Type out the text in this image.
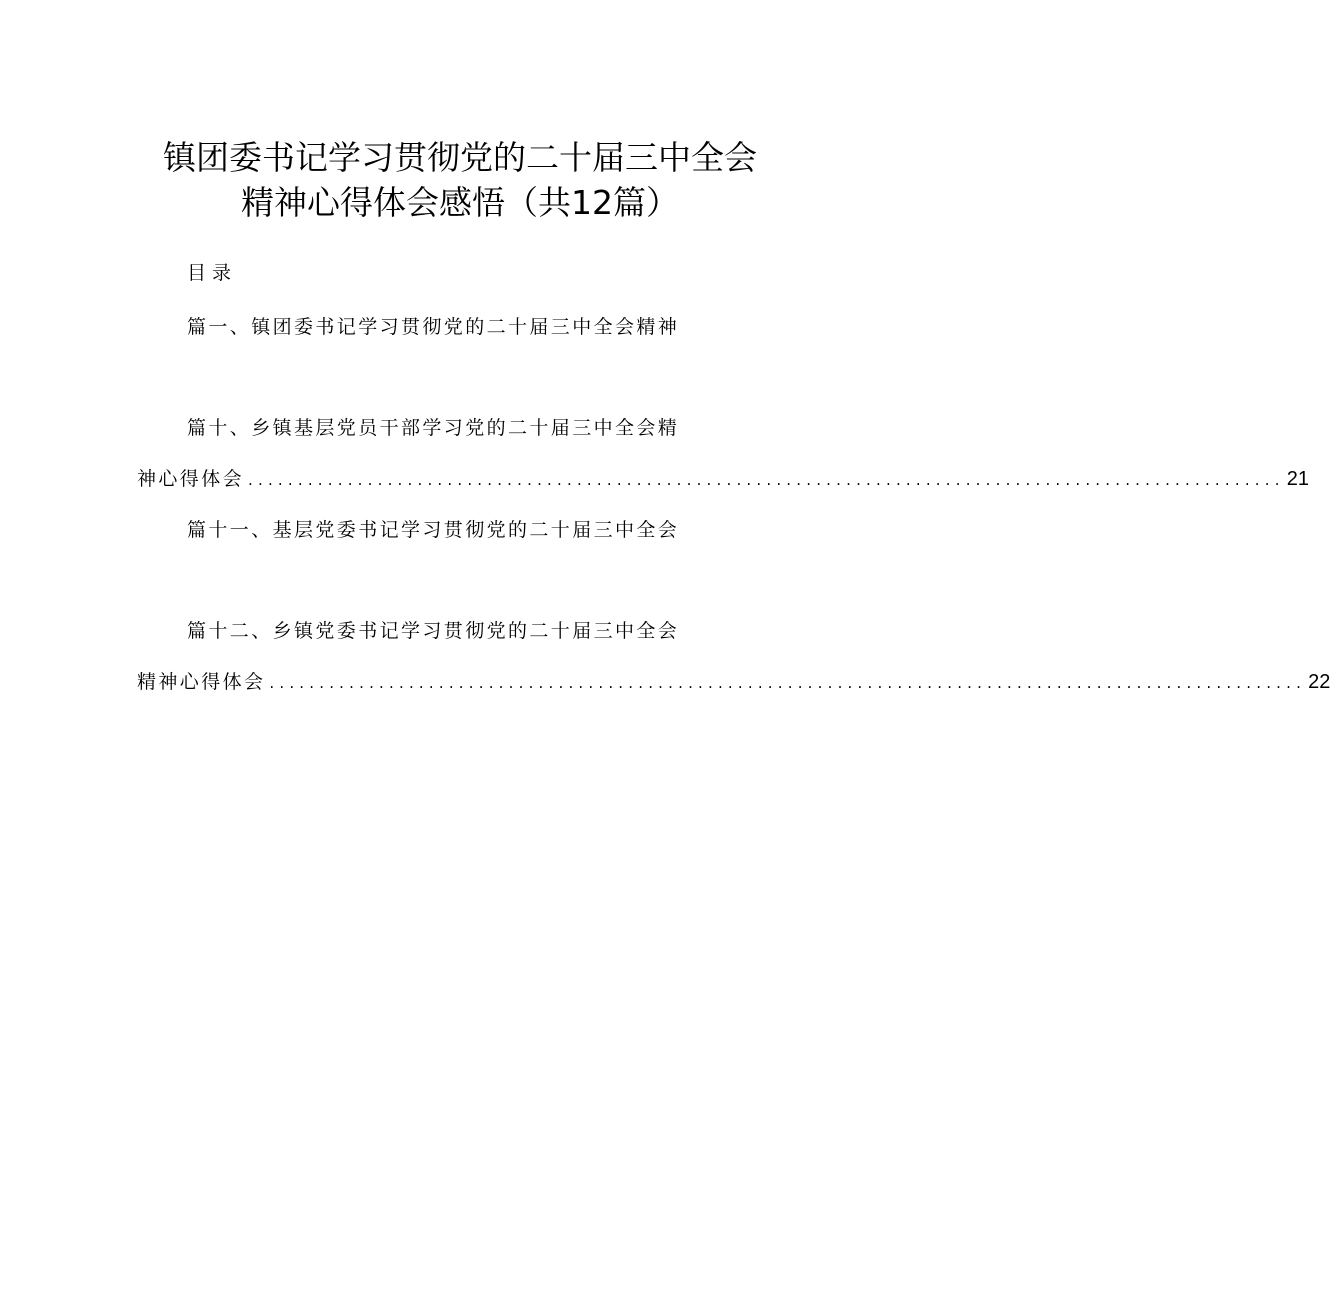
镇团委书记学习贯彻党的二十届三中全会
精神心得体会感悟（共12篇）
目录
篇一、镇团委书记学习贯彻党的二十届三中全会精神
篇十、乡镇基层党员干部学习党的二十届三中全会精
神心得体会 ........................................................................................................ 21
篇十一、基层党委书记学习贯彻党的二十届三中全会
篇十二、乡镇党委书记学习贯彻党的二十届三中全会
精神心得体会 ........................................................................................................ 22
